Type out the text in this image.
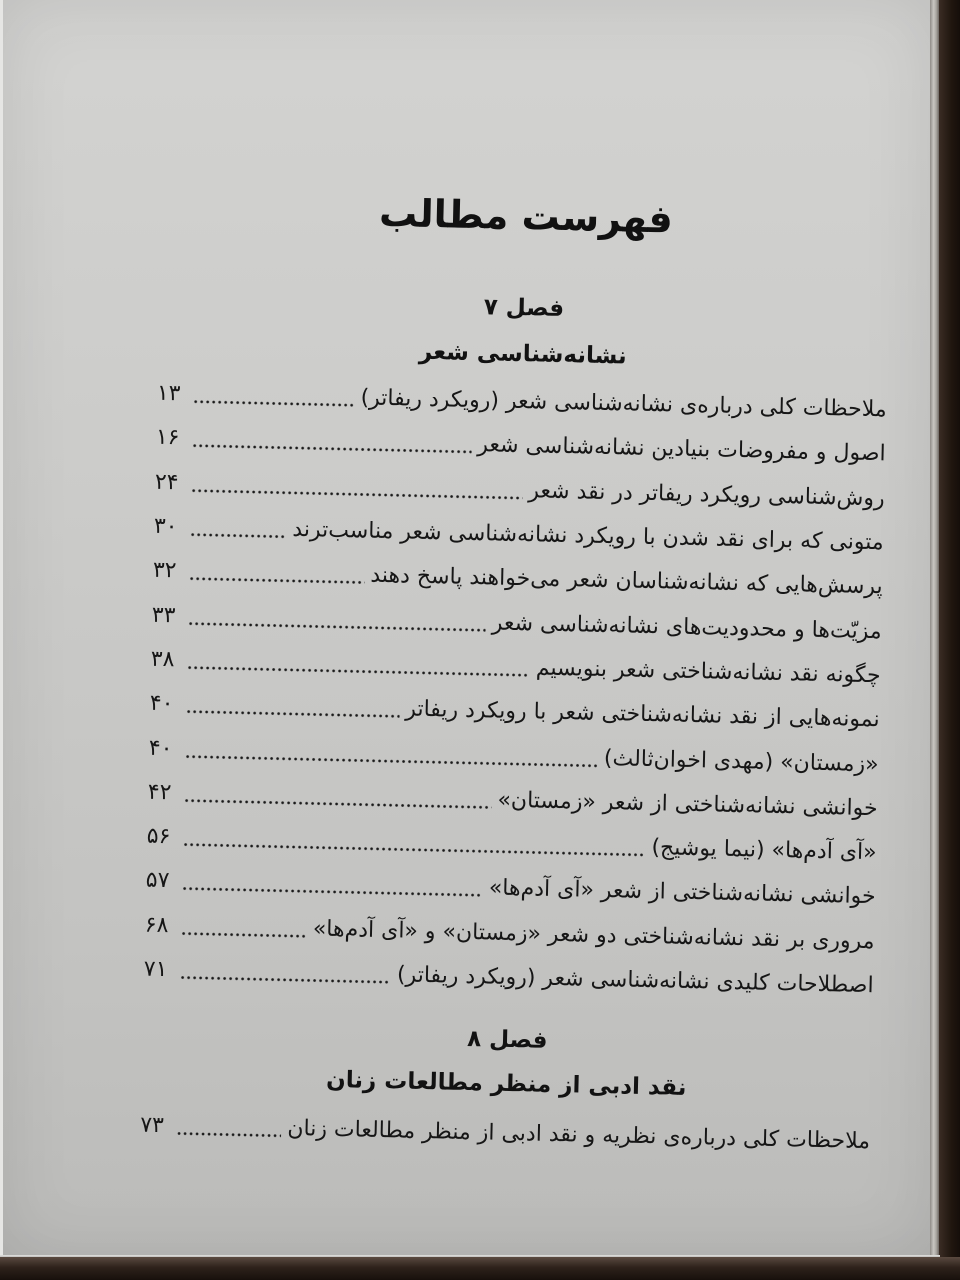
فهرست مطالب
فصل ۷
نشانه‌شناسی شعر
ملاحظات کلی درباره‌ی نشانه‌شناسی شعر (رویکرد ریفاتر)
۱۳
اصول و مفروضات بنیادین نشانه‌شناسی شعر
۱۶
روش‌شناسی رویکرد ریفاتر در نقد شعر
۲۴
متونی که برای نقد شدن با رویکرد نشانه‌شناسی شعر مناسب‌ترند
۳۰
پرسش‌هایی که نشانه‌شناسان شعر می‌خواهند پاسخ دهند
۳۲
مزیّت‌ها و محدودیت‌های نشانه‌شناسی شعر
۳۳
چگونه نقد نشانه‌شناختی شعر بنویسیم
۳۸
نمونه‌هایی از نقد نشانه‌شناختی شعر با رویکرد ریفاتر
۴۰
«زمستان» (مهدی اخوان‌ثالث)
۴۰
خوانشی نشانه‌شناختی از شعر «زمستان»
۴۲
«آی آدم‌ها» (نیما یوشیج)
۵۶
خوانشی نشانه‌شناختی از شعر «آی آدم‌ها»
۵۷
مروری بر نقد نشانه‌شناختی دو شعر «زمستان» و «آی آدم‌ها»
۶۸
اصطلاحات کلیدی نشانه‌شناسی شعر (رویکرد ریفاتر)
۷۱
فصل ۸
نقد ادبی از منظر مطالعات زنان
ملاحظات کلی درباره‌ی نظریه و نقد ادبی از منظر مطالعات زنان
۷۳
